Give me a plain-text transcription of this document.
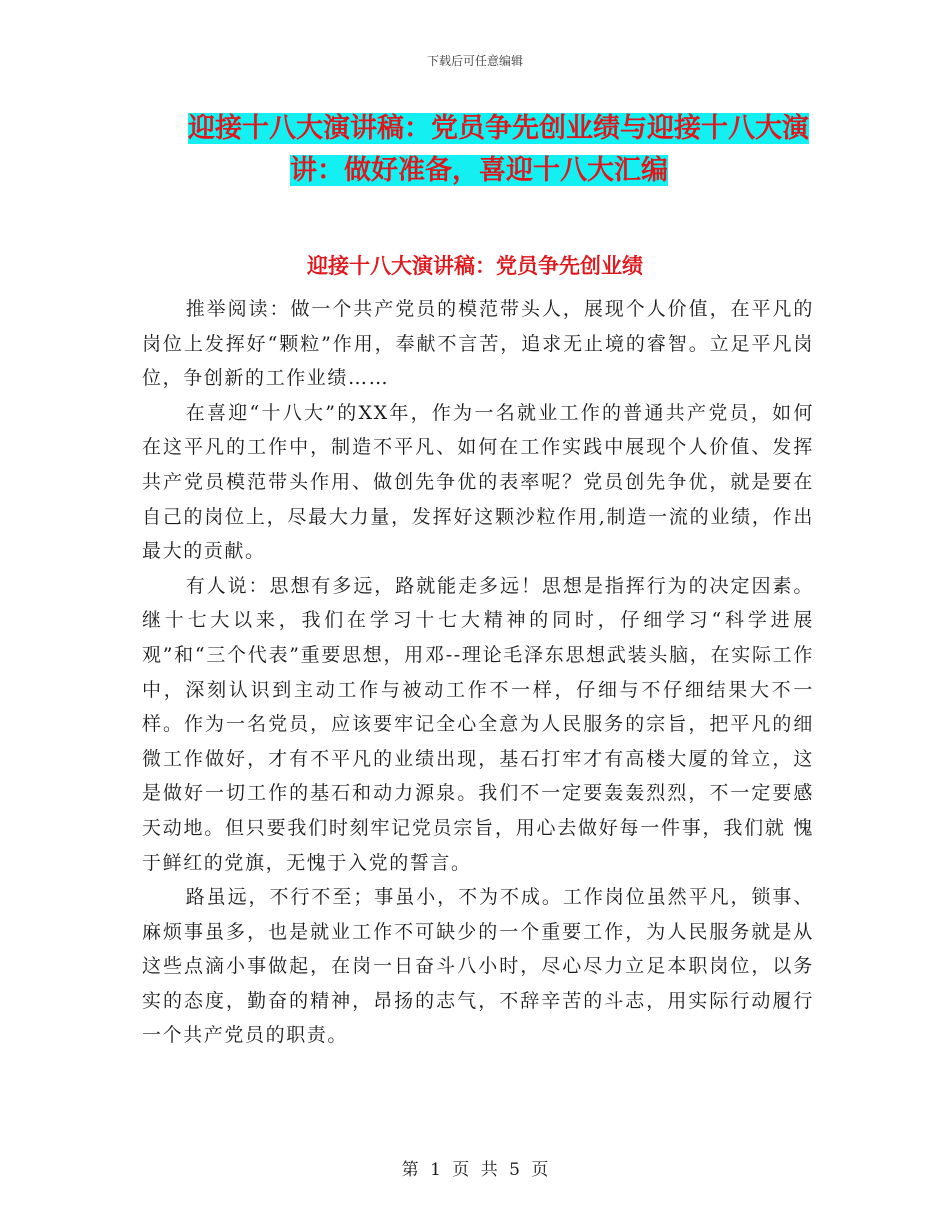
下载后可任意编辑
迎接十八大演讲稿：党员争先创业绩与迎接十八大演
讲：做好准备，喜迎十八大汇编
迎接十八大演讲稿：党员争先创业绩

推举阅读：做一个共产党员的模范带头人，展现个人价值，在平凡的岗位上发挥好“颗粒”作用，奉献不言苦，追求无止境的睿智。立足平凡岗位，争创新的工作业绩……

在喜迎“十八大”的XX年，作为一名就业工作的普通共产党员，如何在这平凡的工作中，制造不平凡、如何在工作实践中展现个人价值、发挥共产党员模范带头作用、做创先争优的表率呢？党员创先争优，就是要在自己的岗位上，尽最大力量，发挥好这颗沙粒作用,制造一流的业绩，作出最大的贡献。

有人说：思想有多远，路就能走多远！思想是指挥行为的决定因素。继十七大以来，我们在学习十七大精神的同时，仔细学习“科学进展观”和“三个代表”重要思想，用邓--理论毛泽东思想武装头脑，在实际工作中，深刻认识到主动工作与被动工作不一样，仔细与不仔细结果大不一样。作为一名党员，应该要牢记全心全意为人民服务的宗旨，把平凡的细微工作做好，才有不平凡的业绩出现，基石打牢才有高楼大厦的耸立，这是做好一切工作的基石和动力源泉。我们不一定要轰轰烈烈，不一定要感天动地。但只要我们时刻牢记党员宗旨，用心去做好每一件事，我们就 愧于鲜红的党旗，无愧于入党的誓言。

路虽远，不行不至；事虽小，不为不成。工作岗位虽然平凡，锁事、麻烦事虽多，也是就业工作不可缺少的一个重要工作，为人民服务就是从这些点滴小事做起，在岗一日奋斗八小时，尽心尽力立足本职岗位，以务实的态度，勤奋的精神，昂扬的志气，不辞辛苦的斗志，用实际行动履行一个共产党员的职责。

第 1 页 共 5 页
